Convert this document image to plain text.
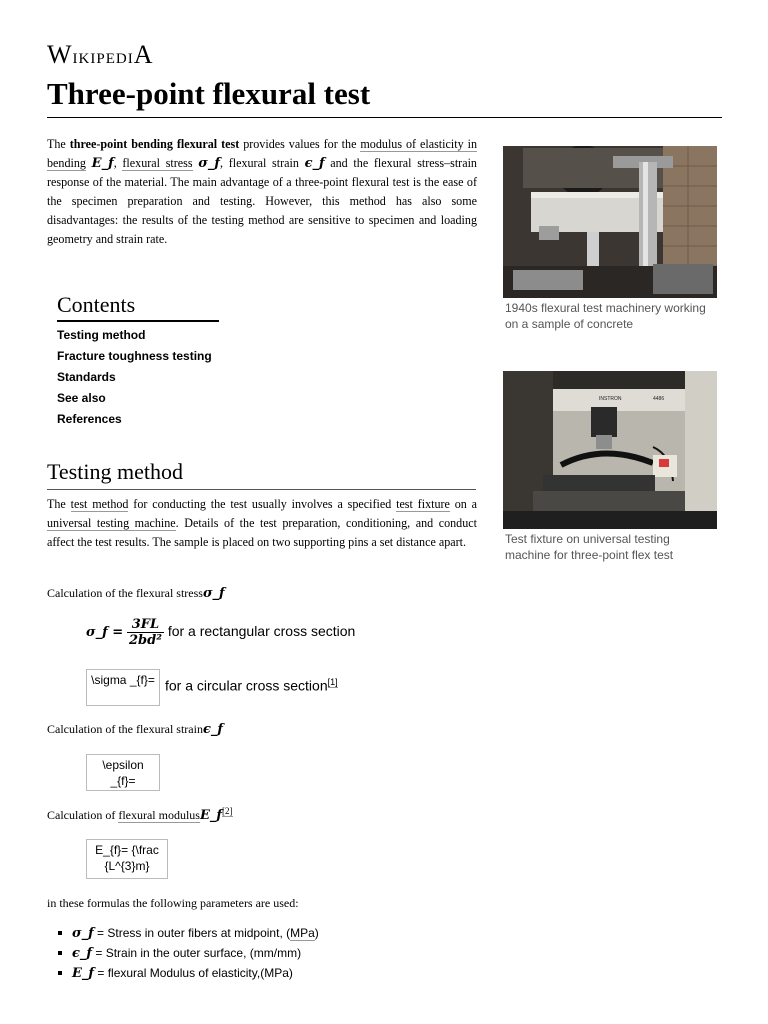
WikipediA
Three-point flexural test

The three-point bending flexural test provides values for the modulus of elasticity in bending E_f, flexural stress σ_f, flexural strain ϵ_f and the flexural stress–strain response of the material. The main advantage of a three-point flexural test is the ease of the specimen preparation and testing. However, this method has also some disadvantages: the results of the testing method are sensitive to specimen and loading geometry and strain rate.

Contents
Testing method
Fracture toughness testing
Standards
See also
References
1940s flexural test machinery working on a sample of concrete
INSTRON	4486
Test fixture on universal testing machine for three-point flex test
Testing method

The test method for conducting the test usually involves a specified test fixture on a universal testing machine. Details of the test preparation, conditioning, and conduct affect the test results. The sample is placed on two supporting pins a set distance apart.

Calculation of the flexural stressσ_f
σ_f = $\frac{3FL}{\text{2bd²}}$ for a rectangular cross section
\sigma _{f}= for a circular cross section[1]
Calculation of the flexural strainϵ_f
\epsilon _{f}=
Calculation of flexural modulusE_f[2]
E_{f}= {\frac {L^{3}m}
in these formulas the following parameters are used:
σ_f = Stress in outer fibers at midpoint, (MPa)
ϵ_f = Strain in the outer surface, (mm/mm)
E_f = flexural Modulus of elasticity,(MPa)
